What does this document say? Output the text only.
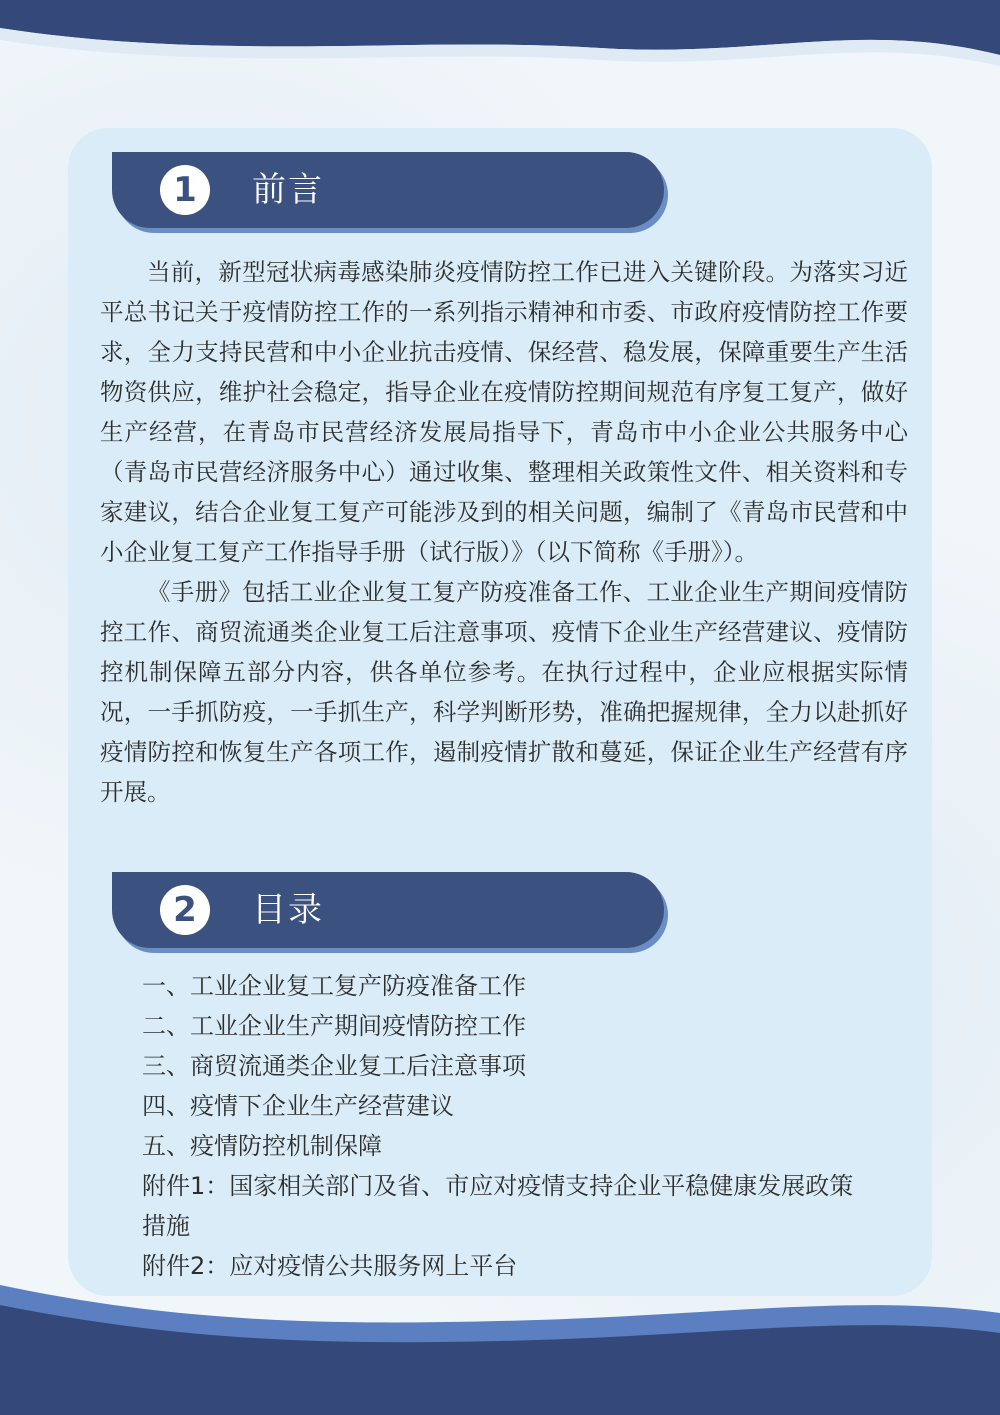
1	前言

当前，新型冠状病毒感染肺炎疫情防控工作已进入关键阶段。为落实习近平总书记关于疫情防控工作的一系列指示精神和市委、市政府疫情防控工作要求，全力支持民营和中小企业抗击疫情、保经营、稳发展，保障重要生产生活物资供应，维护社会稳定，指导企业在疫情防控期间规范有序复工复产，做好生产经营，在青岛市民营经济发展局指导下，青岛市中小企业公共服务中心（青岛市民营经济服务中心）通过收集、整理相关政策性文件、相关资料和专家建议，结合企业复工复产可能涉及到的相关问题，编制了《青岛市民营和中小企业复工复产工作指导手册（试行版）》（以下简称《手册》）。

《手册》包括工业企业复工复产防疫准备工作、工业企业生产期间疫情防控工作、商贸流通类企业复工后注意事项、疫情下企业生产经营建议、疫情防控机制保障五部分内容，供各单位参考。在执行过程中，企业应根据实际情况，一手抓防疫，一手抓生产，科学判断形势，准确把握规律，全力以赴抓好疫情防控和恢复生产各项工作，遏制疫情扩散和蔓延，保证企业生产经营有序开展。

2	目录

一、工业企业复工复产防疫准备工作

二、工业企业生产期间疫情防控工作

三、商贸流通类企业复工后注意事项

四、疫情下企业生产经营建议

五、疫情防控机制保障

附件1：国家相关部门及省、市应对疫情支持企业平稳健康发展政策措施

附件2：应对疫情公共服务网上平台
